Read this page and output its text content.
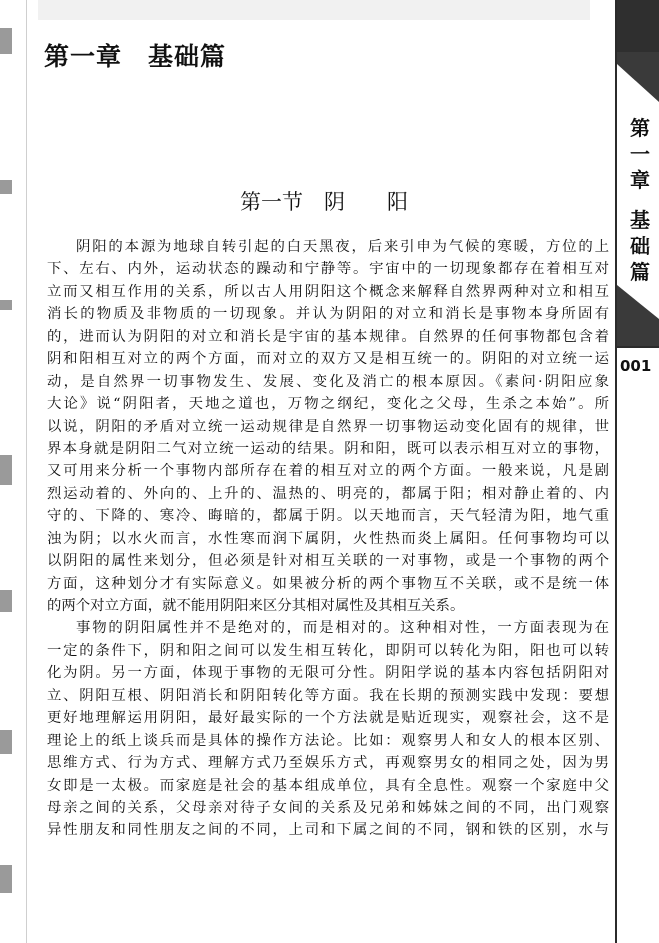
第
一
章
基
础
篇
001
第一章　基础篇
第一节　阴　　阳
阴阳的本源为地球自转引起的白天黑夜，后来引申为气候的寒暖，方位的上
下、左右、内外，运动状态的躁动和宁静等。宇宙中的一切现象都存在着相互对
立而又相互作用的关系，所以古人用阴阳这个概念来解释自然界两种对立和相互
消长的物质及非物质的一切现象。并认为阴阳的对立和消长是事物本身所固有
的，进而认为阴阳的对立和消长是宇宙的基本规律。自然界的任何事物都包含着
阴和阳相互对立的两个方面，而对立的双方又是相互统一的。阴阳的对立统一运
动，是自然界一切事物发生、发展、变化及消亡的根本原因。《素问·阴阳应象
大论》说“阴阳者，天地之道也，万物之纲纪，变化之父母，生杀之本始”。所
以说，阴阳的矛盾对立统一运动规律是自然界一切事物运动变化固有的规律，世
界本身就是阴阳二气对立统一运动的结果。阴和阳，既可以表示相互对立的事物，
又可用来分析一个事物内部所存在着的相互对立的两个方面。一般来说，凡是剧
烈运动着的、外向的、上升的、温热的、明亮的，都属于阳；相对静止着的、内
守的、下降的、寒冷、晦暗的，都属于阴。以天地而言，天气轻清为阳，地气重
浊为阴；以水火而言，水性寒而润下属阴，火性热而炎上属阳。任何事物均可以
以阴阳的属性来划分，但必须是针对相互关联的一对事物，或是一个事物的两个
方面，这种划分才有实际意义。如果被分析的两个事物互不关联，或不是统一体
的两个对立方面，就不能用阴阳来区分其相对属性及其相互关系。
事物的阴阳属性并不是绝对的，而是相对的。这种相对性，一方面表现为在
一定的条件下，阴和阳之间可以发生相互转化，即阴可以转化为阳，阳也可以转
化为阴。另一方面，体现于事物的无限可分性。阴阳学说的基本内容包括阴阳对
立、阴阳互根、阴阳消长和阴阳转化等方面。我在长期的预测实践中发现：要想
更好地理解运用阴阳，最好最实际的一个方法就是贴近现实，观察社会，这不是
理论上的纸上谈兵而是具体的操作方法论。比如：观察男人和女人的根本区别、
思维方式、行为方式、理解方式乃至娱乐方式，再观察男女的相同之处，因为男
女即是一太极。而家庭是社会的基本组成单位，具有全息性。观察一个家庭中父
母亲之间的关系，父母亲对待子女间的关系及兄弟和姊妹之间的不同，出门观察
异性朋友和同性朋友之间的不同，上司和下属之间的不同，钢和铁的区别，水与
